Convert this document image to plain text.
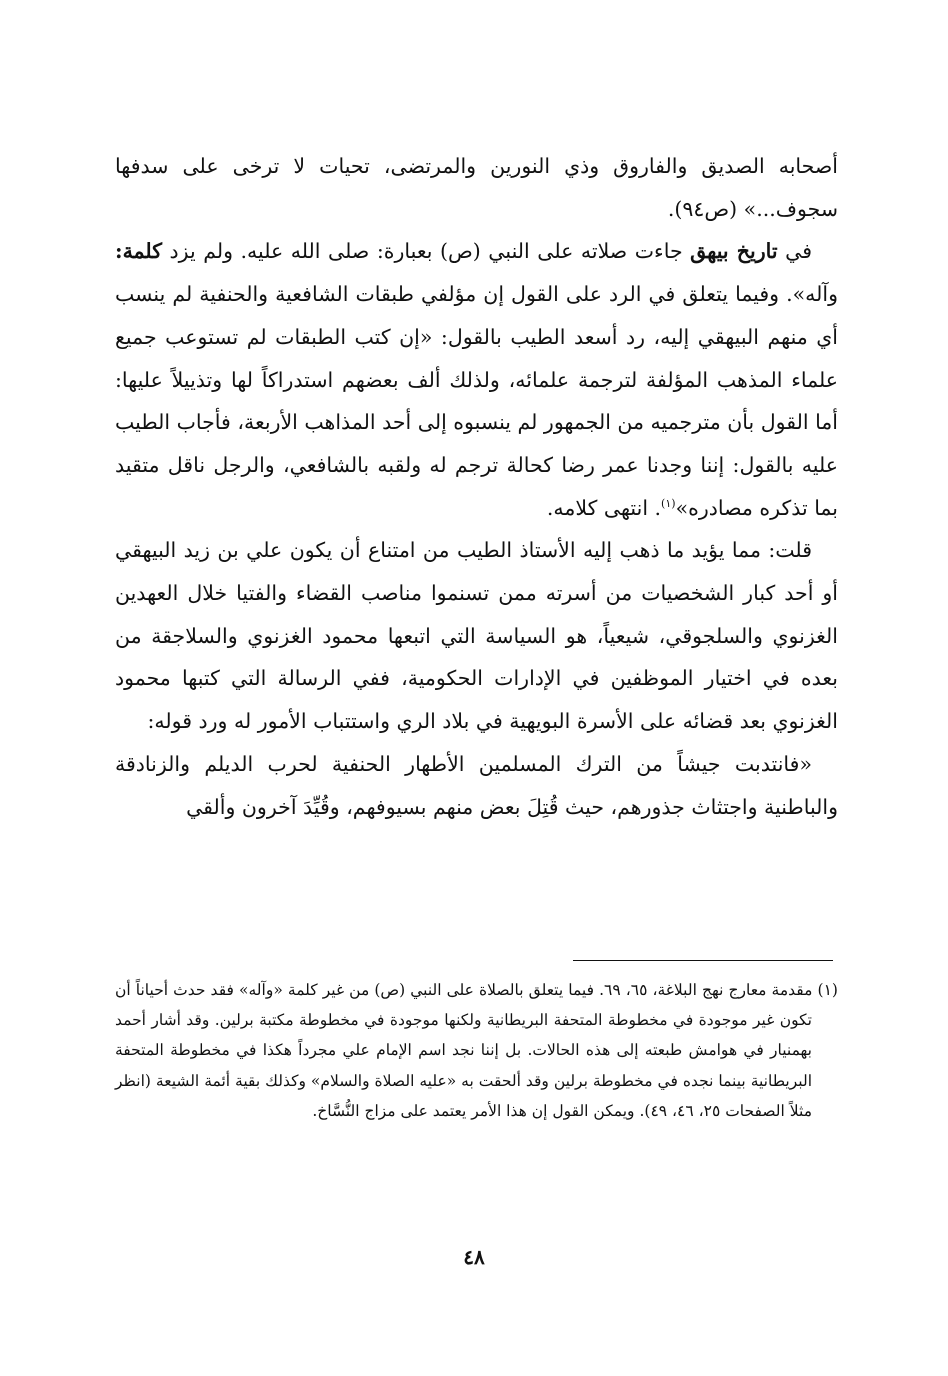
أصحابه الصديق والفاروق وذي النورين والمرتضى، تحيات لا ترخى على سدفها سجوف...» (ص٩٤).

في تاريخ بيهق جاءت صلاته على النبي (ص) بعبارة: صلى الله عليه. ولم يزد كلمة: وآله». وفيما يتعلق في الرد على القول إن مؤلفي طبقات الشافعية والحنفية لم ينسب أي منهم البيهقي إليه، رد أسعد الطيب بالقول: «إن كتب الطبقات لم تستوعب جميع علماء المذهب المؤلفة لترجمة علمائه، ولذلك ألف بعضهم استدراكاً لها وتذييلاً عليها: أما القول بأن مترجميه من الجمهور لم ينسبوه إلى أحد المذاهب الأربعة، فأجاب الطيب عليه بالقول: إننا وجدنا عمر رضا كحالة ترجم له ولقبه بالشافعي، والرجل ناقل متقيد بما تذكره مصادره»$^{(١)}$. انتهى كلامه.

قلت: مما يؤيد ما ذهب إليه الأستاذ الطيب من امتناع أن يكون علي بن زيد البيهقي أو أحد كبار الشخصيات من أسرته ممن تسنموا مناصب القضاء والفتيا خلال العهدين الغزنوي والسلجوقي، شيعياً، هو السياسة التي اتبعها محمود الغزنوي والسلاجقة من بعده في اختيار الموظفين في الإدارات الحكومية، ففي الرسالة التي كتبها محمود الغزنوي بعد قضائه على الأسرة البويهية في بلاد الري واستتباب الأمور له ورد قوله:

«فانتدبت جيشاً من الترك المسلمين الأطهار الحنفية لحرب الديلم والزنادقة والباطنية واجتثاث جذورهم، حيث قُتِلَ بعض منهم بسيوفهم، وقُيِّدَ آخرون وألقي

(١) مقدمة معارج نهج البلاغة، ٦٥، ٦٩. فيما يتعلق بالصلاة على النبي (ص) من غير كلمة «وآله» فقد حدث أحياناً أن تكون غير موجودة في مخطوطة المتحفة البريطانية ولكنها موجودة في مخطوطة مكتبة برلين. وقد أشار أحمد بهمنيار في هوامش طبعته إلى هذه الحالات. بل إننا نجد اسم الإمام علي مجرداً هكذا في مخطوطة المتحفة البريطانية بينما نجده في مخطوطة برلين وقد ألحقت به «عليه الصلاة والسلام» وكذلك بقية أئمة الشيعة (انظر مثلاً الصفحات ٢٥، ٤٦، ٤٩). ويمكن القول إن هذا الأمر يعتمد على مزاج النُّسَّاخ.

٤٨
